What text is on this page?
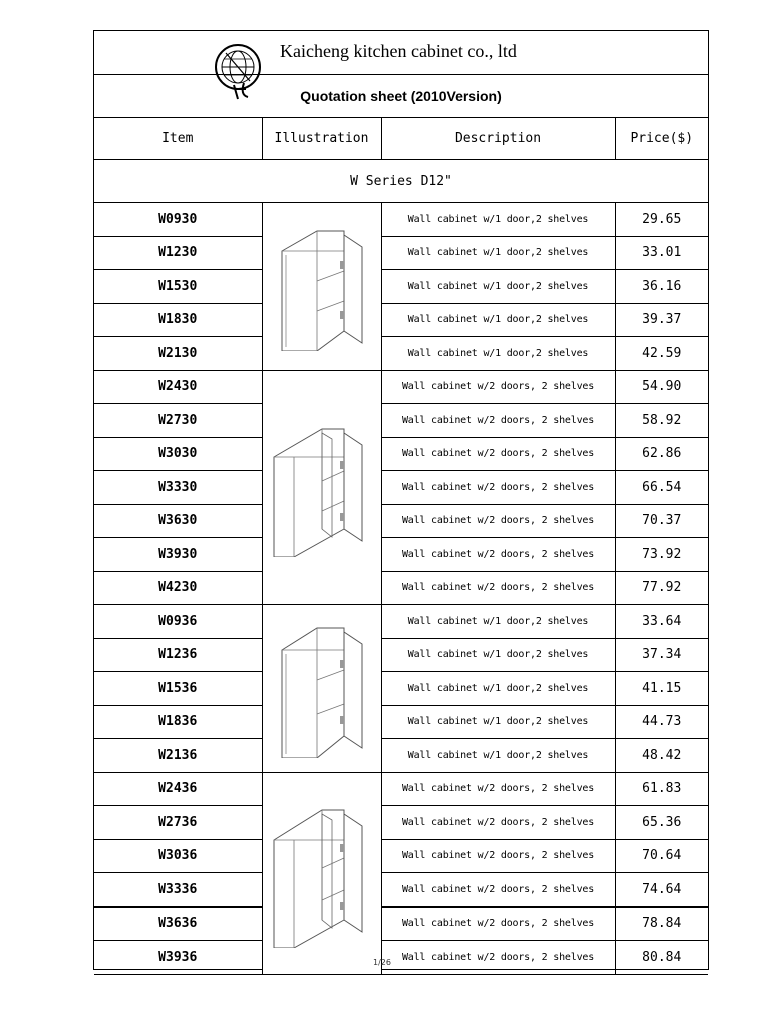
Kaicheng kitchen cabinet co., ltd
Quotation sheet (2010Version)
Item	Illustration	Description	Price($)
W Series D12"			
W0930		Wall cabinet w/1 door,2 shelves	29.65
W1230		Wall cabinet w/1 door,2 shelves	33.01
W1530		Wall cabinet w/1 door,2 shelves	36.16
W1830		Wall cabinet w/1 door,2 shelves	39.37
W2130		Wall cabinet w/1 door,2 shelves	42.59
W2430		Wall cabinet w/2 doors, 2 shelves	54.90
W2730		Wall cabinet w/2 doors, 2 shelves	58.92
W3030		Wall cabinet w/2 doors, 2 shelves	62.86
W3330		Wall cabinet w/2 doors, 2 shelves	66.54
W3630		Wall cabinet w/2 doors, 2 shelves	70.37
W3930		Wall cabinet w/2 doors, 2 shelves	73.92
W4230		Wall cabinet w/2 doors, 2 shelves	77.92
W0936		Wall cabinet w/1 door,2 shelves	33.64
W1236		Wall cabinet w/1 door,2 shelves	37.34
W1536		Wall cabinet w/1 door,2 shelves	41.15
W1836		Wall cabinet w/1 door,2 shelves	44.73
W2136		Wall cabinet w/1 door,2 shelves	48.42
W2436		Wall cabinet w/2 doors, 2 shelves	61.83
W2736		Wall cabinet w/2 doors, 2 shelves	65.36
W3036		Wall cabinet w/2 doors, 2 shelves	70.64
W3336		Wall cabinet w/2 doors, 2 shelves	74.64
W3636		Wall cabinet w/2 doors, 2 shelves	78.84
W3936		Wall cabinet w/2 doors, 2 shelves	80.84
1/26
